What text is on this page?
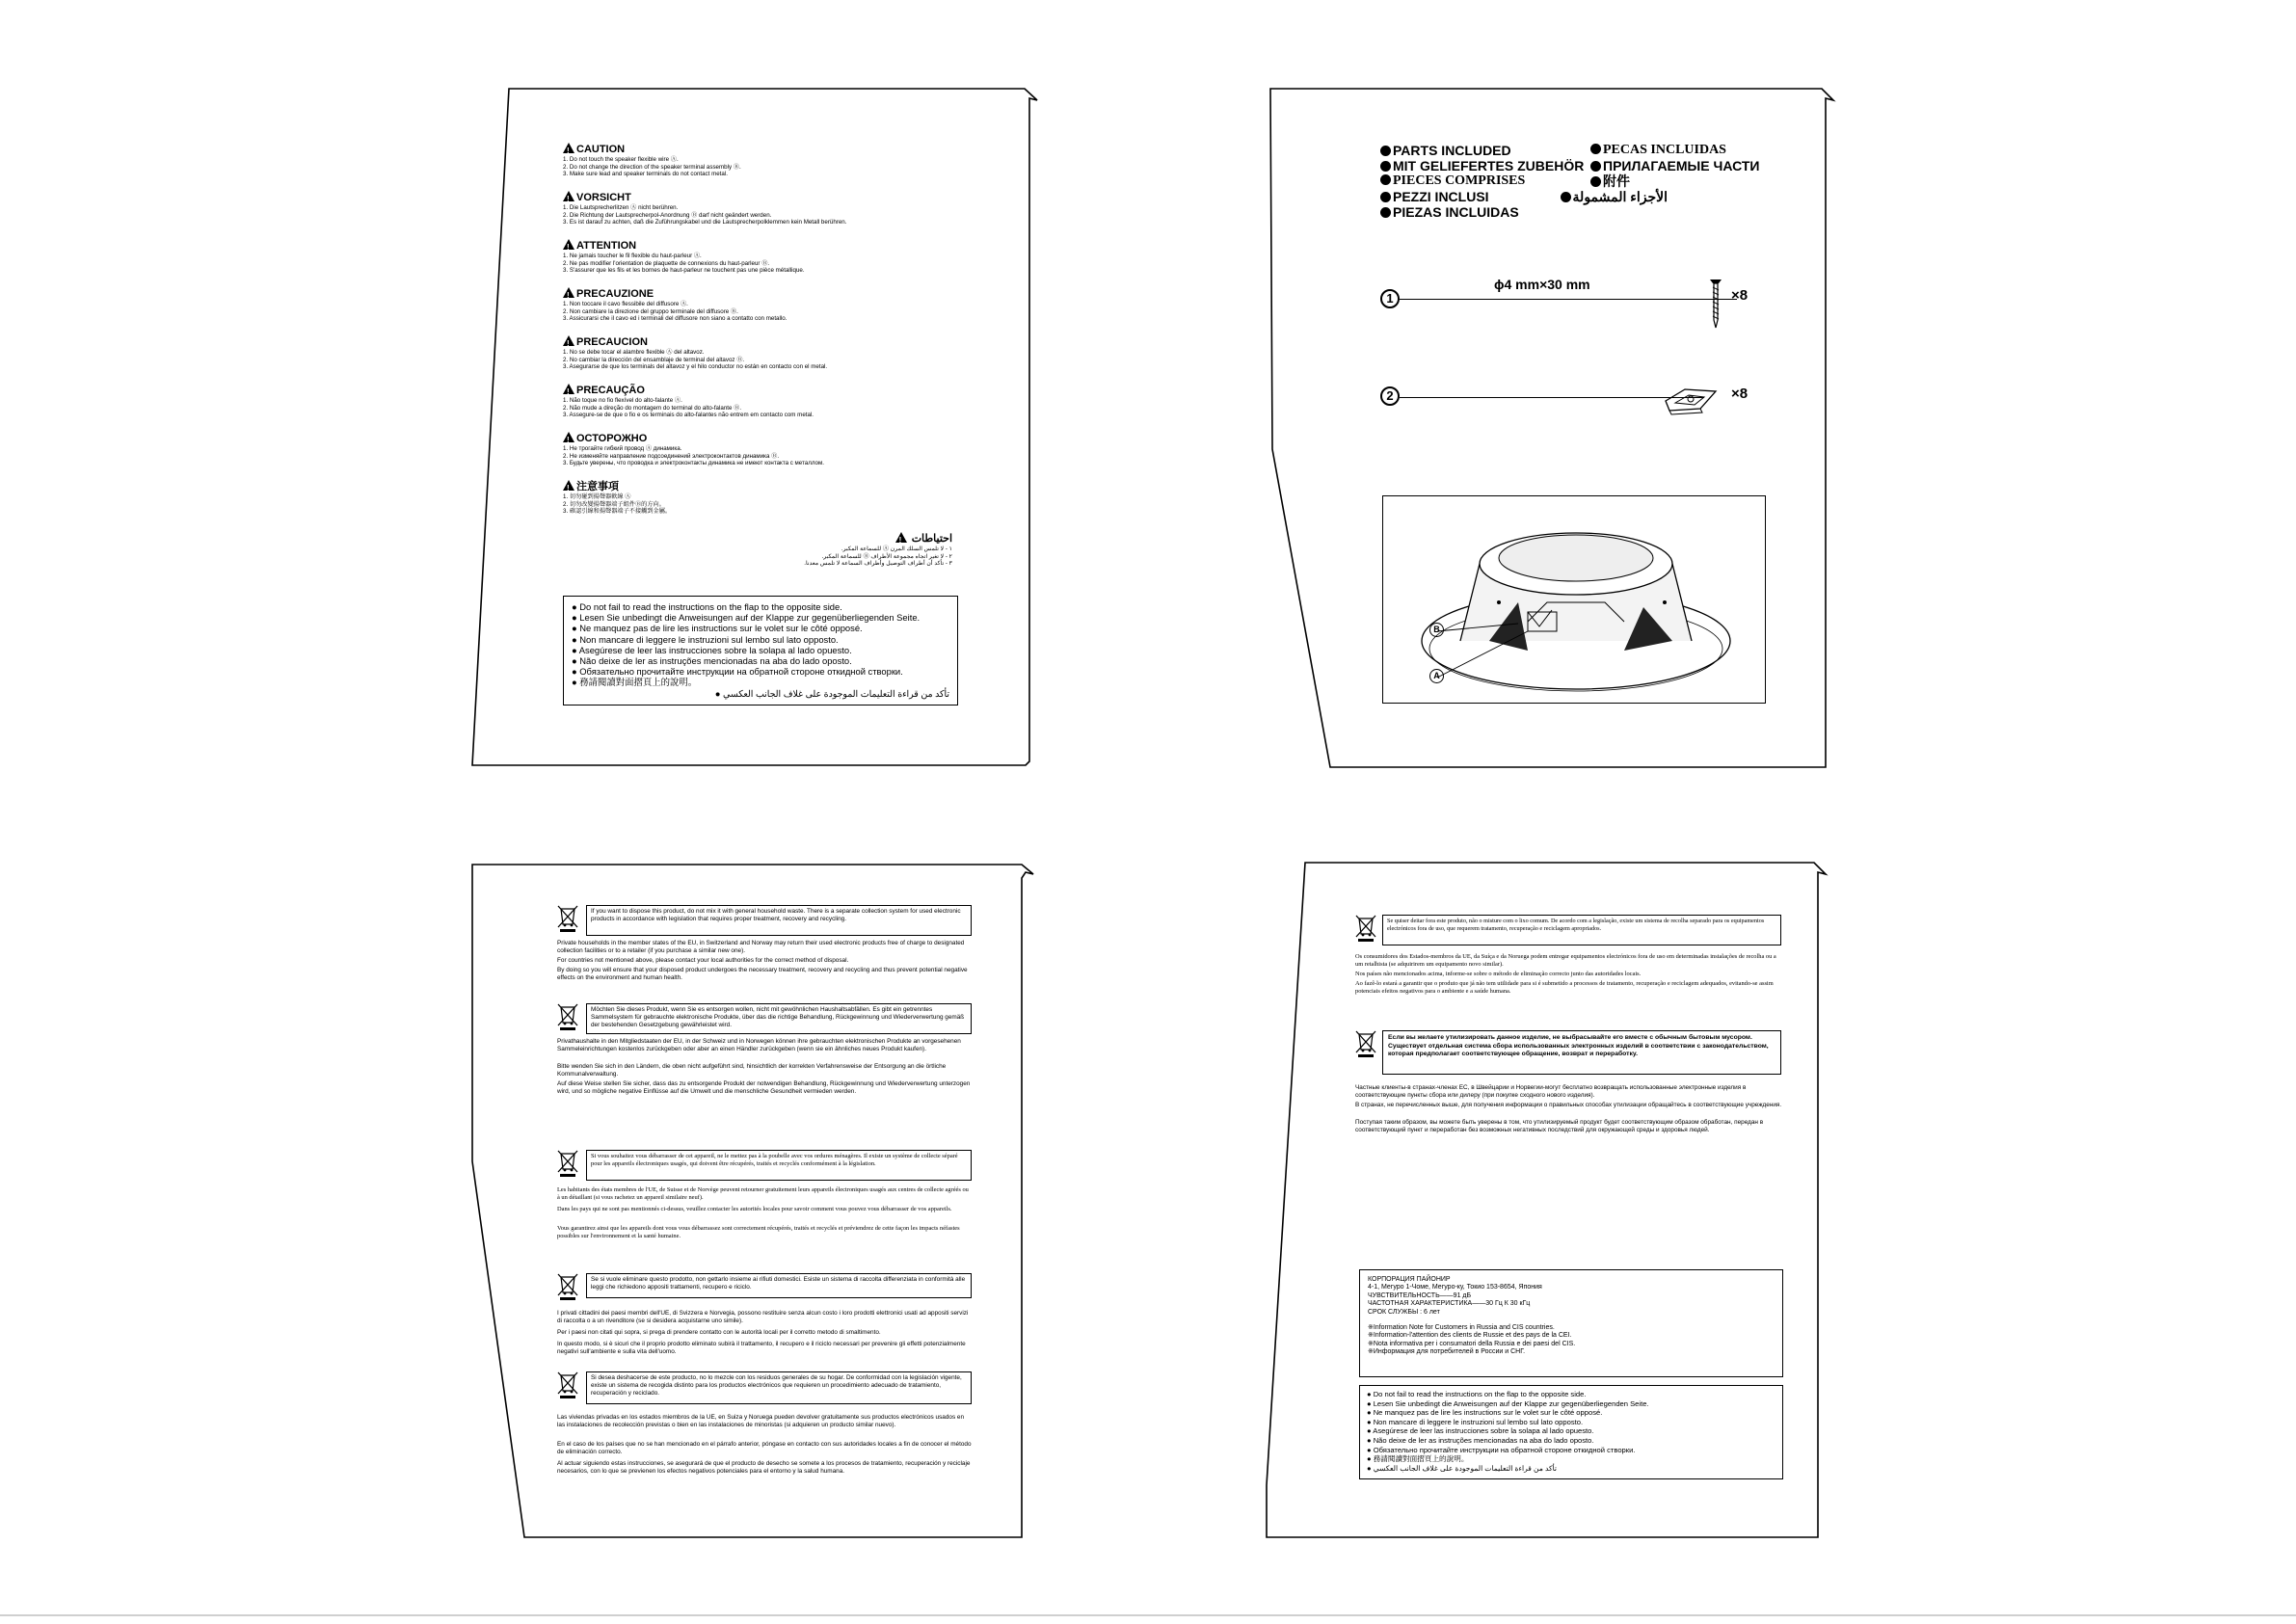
!CAUTION
1. Do not touch the speaker flexible wire Ⓐ.
2. Do not change the direction of the speaker terminal assembly Ⓑ.
3. Make sure lead and speaker terminals do not contact metal.
!VORSICHT
1. Die Lautsprecherlitzen Ⓐ nicht berühren.
2. Die Richtung der Lautsprecherpol-Anordnung Ⓑ darf nicht geändert werden.
3. Es ist darauf zu achten, daß die Zuführungskabel und die Lautsprecherpolklemmen kein Metall berühren.
!ATTENTION
1. Ne jamais toucher le fil flexible du haut-parleur Ⓐ.
2. Ne pas modifier l'orientation de plaquette de connexions du haut-parleur Ⓑ.
3. S'assurer que les fils et les bornes de haut-parleur ne touchent pas une pièce métallique.
!PRECAUZIONE
1. Non toccare il cavo flessibile del diffusore Ⓐ.
2. Non cambiare la direzione del gruppo terminale del diffusore Ⓑ.
3. Assicurarsi che il cavo ed i terminali del diffusore non siano a contatto con metallo.
!PRECAUCION
1. No se debe tocar el alambre flexible Ⓐ del altavoz.
2. No cambiar la dirección del ensamblaje de terminal del altavoz Ⓑ.
3. Asegurarse de que los terminals del altavoz y el hilo conductor no están en contacto con el metal.
!PRECAUÇÃO
1. Não toque no fio flexível do alto-falante Ⓐ.
2. Não mude a direção do montagem do terminal do alto-falante Ⓑ.
3. Assegure-se de que o fio e os terminais do alto-falantes não entrem em contacto com metal.
!ОСТОРОЖНО
1. Не трогайте гибкий провод Ⓐ динамика.
2. Не изменяйте направление подсоединений электроконтактов динамика Ⓑ.
3. Будьте уверены, что проводка и электроконтакты динамика не имеют контакта с металлом.
!注意事項
1. 切勿碰到揚聲器軟線 Ⓐ
2. 切勿改變揚聲器端子組件Ⓑ的方向。
3. 確認引線和揚聲器端子不接觸到金屬。
احتياطات !
١ - لا تلمس السلك المرن Ⓐ للسماعة المكبر.
٢ - لا تغير اتجاه مجموعة الأطراف Ⓑ للسماعة المكبر.
٣ - تأكد أن أطراف التوصيل وأطراف السماعة لا تلمس معدنا.
● Do not fail to read the instructions on the flap to the opposite side.
● Lesen Sie unbedingt die Anweisungen auf der Klappe zur gegenüberliegenden Seite.
● Ne manquez pas de lire les instructions sur le volet sur le côté opposé.
● Non mancare di leggere le instruzioni sul lembo sul lato opposto.
● Asegúrese de leer las instrucciones sobre la solapa al lado opuesto.
● Não deixe de ler as instruções mencionadas na aba do lado oposto.
● Обязательно прочитайте инструкции на обратной стороне откидной створки.
● 務請閱讀對面摺頁上的說明。
تأكد من قراءة التعليمات الموجودة على غلاف الجانب العكسي ●
PARTS INCLUDED
MIT GELIEFERTES ZUBEHÖR
PIECES COMPRISES
PEZZI INCLUSI
PIEZAS INCLUIDAS
PECAS INCLUIDAS
ПРИЛАГАЕМЫЕ ЧАСТИ
附件
الأجزاء المشمولة
1
ϕ4 mm×30 mm
×8
2	×8
B
A
If you want to dispose this product, do not mix it with general household waste. There is a separate collection system for used electronic products in accordance with legislation that requires proper treatment, recovery and recycling.
Private households in the member states of the EU, in Switzerland and Norway may return their used electronic products free of charge to designated collection facilities or to a retailer (if you purchase a similar new one).
For countries not mentioned above, please contact your local authorities for the correct method of disposal.
By doing so you will ensure that your disposed product undergoes the necessary treatment, recovery and recycling and thus prevent potential negative effects on the environment and human health.
Möchten Sie dieses Produkt, wenn Sie es entsorgen wollen, nicht mit gewöhnlichen Haushaltsabfällen. Es gibt ein getrenntes Sammelsystem für gebrauchte elektronische Produkte, über das die richtige Behandlung, Rückgewinnung und Wiederverwertung gemäß der bestehenden Gesetzgebung gewährleistet wird.
Privathaushalte in den Mitgliedstaaten der EU, in der Schweiz und in Norwegen können ihre gebrauchten elektronischen Produkte an vorgesehenen Sammeleinrichtungen kostenlos zurückgeben oder aber an einen Händler zurückgeben (wenn sie ein ähnliches neues Produkt kaufen).
Bitte wenden Sie sich in den Ländern, die oben nicht aufgeführt sind, hinsichtlich der korrekten Verfahrensweise der Entsorgung an die örtliche Kommunalverwaltung.
Auf diese Weise stellen Sie sicher, dass das zu entsorgende Produkt der notwendigen Behandlung, Rückgewinnung und Wiederverwertung unterzogen wird, und so mögliche negative Einflüsse auf die Umwelt und die menschliche Gesundheit vermieden werden.
Si vous souhaitez vous débarrasser de cet appareil, ne le mettez pas à la poubelle avec vos ordures ménagères. Il existe un système de collecte séparé pour les appareils électroniques usagés, qui doivent être récupérés, traités et recyclés conformément à la législation.
Les habitants des états membres de l'UE, de Suisse et de Norvège peuvent retourner gratuitement leurs appareils électroniques usagés aux centres de collecte agréés ou à un détaillant (si vous rachetez un appareil similaire neuf).
Dans les pays qui ne sont pas mentionnés ci-dessus, veuillez contacter les autorités locales pour savoir comment vous pouvez vous débarrasser de vos appareils.
Vous garantirez ainsi que les appareils dont vous vous débarrassez sont correctement récupérés, traités et recyclés et préviendrez de cette façon les impacts néfastes possibles sur l'environnement et la santé humaine.
Se si vuole eliminare questo prodotto, non gettarlo insieme ai rifiuti domestici. Esiste un sistema di raccolta differenziata in conformità alle leggi che richiedono appositi trattamenti, recupero e riciclo.
I privati cittadini dei paesi membri dell'UE, di Svizzera e Norvegia, possono restituire senza alcun costo i loro prodotti elettronici usati ad appositi servizi di raccolta o a un rivenditore (se si desidera acquistarne uno simile).
Per i paesi non citati qui sopra, si prega di prendere contatto con le autorità locali per il corretto metodo di smaltimento.
In questo modo, si è sicuri che il proprio prodotto eliminato subirà il trattamento, il recupero e il riciclo necessari per prevenire gli effetti potenzialmente negativi sull'ambiente e sulla vita dell'uomo.
Si desea deshacerse de este producto, no lo mezcle con los residuos generales de su hogar. De conformidad con la legislación vigente, existe un sistema de recogida distinto para los productos electrónicos que requieren un procedimiento adecuado de tratamiento, recuperación y reciclado.
Las viviendas privadas en los estados miembros de la UE, en Suiza y Noruega pueden devolver gratuitamente sus productos electrónicos usados en las instalaciones de recolección previstas o bien en las instalaciones de minoristas (si adquieren un producto similar nuevo).
En el caso de los países que no se han mencionado en el párrafo anterior, póngase en contacto con sus autoridades locales a fin de conocer el método de eliminación correcto.
Al actuar siguiendo estas instrucciones, se asegurará de que el producto de desecho se somete a los procesos de tratamiento, recuperación y reciclaje necesarios, con lo que se previenen los efectos negativos potenciales para el entorno y la salud humana.
Se quiser deitar fora este produto, não o misture com o lixo comum. De acordo com a legislação, existe um sistema de recolha separado para os equipamentos electrónicos fora de uso, que requerem tratamento, recuperação e reciclagem apropriados.
Os consumidores dos Estados-membros da UE, da Suíça e da Noruega podem entregar equipamentos electrónicos fora de uso em determinadas instalações de recolha ou a um retalhista (se adquirirem um equipamento novo similar).
Nos países não mencionados acima, informe-se sobre o método de eliminação correcto junto das autoridades locais.
Ao fazê-lo estará a garantir que o produto que já não tem utilidade para si é submetido a processos de tratamento, recuperação e reciclagem adequados, evitando-se assim potenciais efeitos negativos para o ambiente e a saúde humana.
Если вы желаете утилизировать данное изделие, не выбрасывайте его вместе с обычным бытовым мусором. Существует отдельная система сбора использованных электронных изделий в соответствии с законодательством, которая предполагает соответствующее обращение, возврат и переработку.
Частные клиенты-в странах-членах ЕС, в Швейцарии и Норвегии-могут бесплатно возвращать использованные электронные изделия в соответствующие пункты сбора или дилеру (при покупке сходного нового изделия).
В странах, не перечисленных выше, для получения информации о правильных способах утилизации обращайтесь в соответствующие учреждения.
Поступая таким образом, вы можете быть уверены в том, что утилизируемый продукт будет соответствующим образом обработан, передан в соответствующий пункт и переработан без возможных негативных последствий для окружающей среды и здоровья людей.
КОРПОРАЦИЯ ПАЙОНИР
4-1, Мегуро 1-Чоме, Мегуро-ку, Токио 153-8654, Япония
ЧУВСТВИТЕЛЬНОСТЬ——91 дБ
ЧАСТОТНАЯ ХАРАКТЕРИСТИКА——30 Гц К 30 кГц
СРОК СЛУЖБЫ : 6 лет
※Information Note for Customers in Russia and CIS countries.
※Information-l'attention des clients de Russie et des pays de la CEI.
※Nota informativa per i consumatori della Russia e dei paesi del CIS.
※Информация для потребителей в России и СНГ.
● Do not fail to read the instructions on the flap to the opposite side.
● Lesen Sie unbedingt die Anweisungen auf der Klappe zur gegenüberliegenden Seite.
● Ne manquez pas de lire les instructions sur le volet sur le côté opposé.
● Non mancare di leggere le instruzioni sul lembo sul lato opposto.
● Asegúrese de leer las instrucciones sobre la solapa al lado opuesto.
● Não deixe de ler as instruções mencionadas na aba do lado oposto.
● Обязательно прочитайте инструкции на обратной стороне откидной створки.
● 務請閱讀對面摺頁上的說明。
تأكد من قراءة التعليمات الموجودة على غلاف الجانب العكسي ●
